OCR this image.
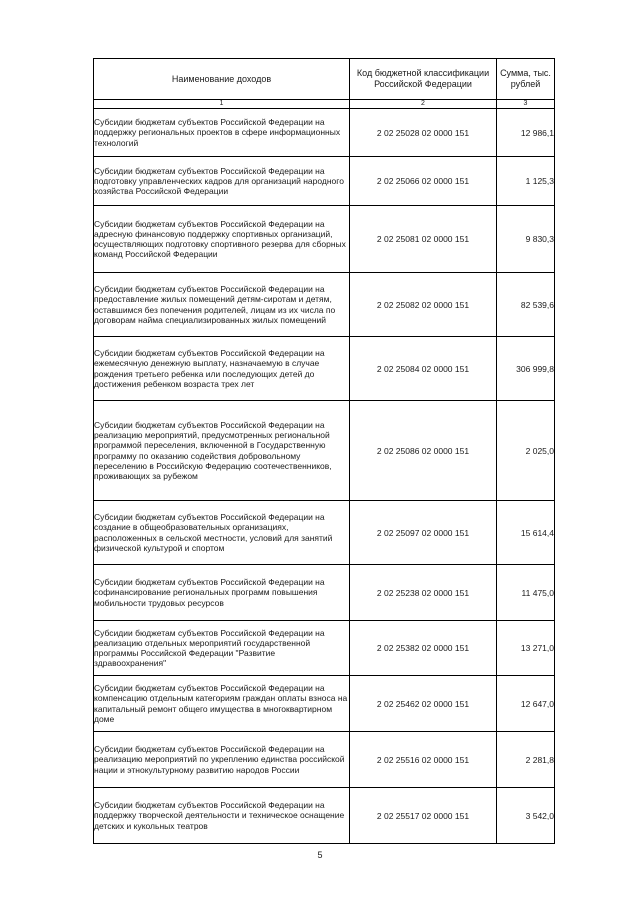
Наименование доходов	Код бюджетной классификации Российской Федерации	Сумма, тыс. рублей
1	2	3
Субсидии бюджетам субъектов Российской Федерации на поддержку региональных проектов в сфере информационных технологий	2 02 25028 02 0000 151	12 986,1
Субсидии бюджетам субъектов Российской Федерации на подготовку управленческих кадров для организаций народного хозяйства Российской Федерации	2 02 25066 02 0000 151	1 125,3
Субсидии бюджетам субъектов Российской Федерации на адресную финансовую поддержку спортивных организаций, осуществляющих подготовку спортивного резерва для сборных команд Российской Федерации	2 02 25081 02 0000 151	9 830,3
Субсидии бюджетам субъектов Российской Федерации на предоставление жилых помещений детям-сиротам и детям, оставшимся без попечения родителей, лицам из их числа по договорам найма специализированных жилых помещений	2 02 25082 02 0000 151	82 539,6
Субсидии бюджетам субъектов Российской Федерации на ежемесячную денежную выплату, назначаемую в случае рождения третьего ребенка или последующих детей до достижения ребенком возраста трех лет	2 02 25084 02 0000 151	306 999,8
Субсидии бюджетам субъектов Российской Федерации на реализацию мероприятий, предусмотренных региональной программой переселения, включенной в Государственную программу по оказанию содействия добровольному переселению в Российскую Федерацию соотечественников, проживающих за рубежом	2 02 25086 02 0000 151	2 025,0
Субсидии бюджетам субъектов Российской Федерации на создание в общеобразовательных организациях, расположенных в сельской местности, условий для занятий физической культурой и спортом	2 02 25097 02 0000 151	15 614,4
Субсидии бюджетам субъектов Российской Федерации на софинансирование региональных программ повышения мобильности трудовых ресурсов	2 02 25238 02 0000 151	11 475,0
Субсидии бюджетам субъектов Российской Федерации на реализацию отдельных мероприятий государственной программы Российской Федерации "Развитие здравоохранения"	2 02 25382 02 0000 151	13 271,0
Субсидии бюджетам субъектов Российской Федерации на компенсацию отдельным категориям граждан оплаты взноса на капитальный ремонт общего имущества в многоквартирном доме	2 02 25462 02 0000 151	12 647,0
Субсидии бюджетам субъектов Российской Федерации на реализацию мероприятий по укреплению единства российской нации и этнокультурному развитию народов России	2 02 25516 02 0000 151	2 281,8
Субсидии бюджетам субъектов Российской Федерации на поддержку творческой деятельности и техническое оснащение детских и кукольных театров	2 02 25517 02 0000 151	3 542,0
5
